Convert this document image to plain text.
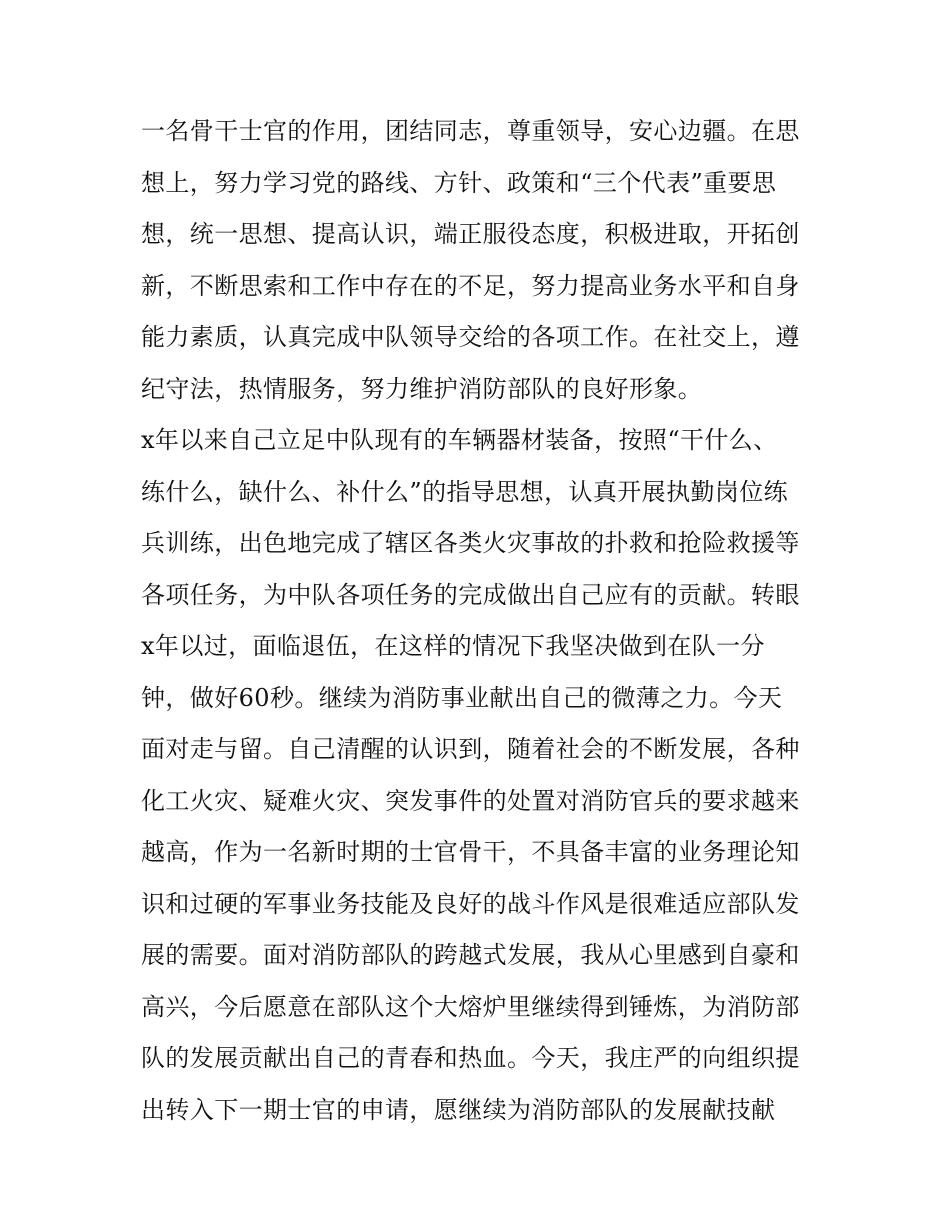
一名骨干士官的作用，团结同志，尊重领导，安心边疆。在思
想上，努力学习党的路线、方针、政策和“三个代表”重要思
想，统一思想、提高认识，端正服役态度，积极进取，开拓创
新，不断思索和工作中存在的不足，努力提高业务水平和自身
能力素质，认真完成中队领导交给的各项工作。在社交上，遵
纪守法，热情服务，努力维护消防部队的良好形象。
x年以来自己立足中队现有的车辆器材装备，按照“干什么、
练什么，缺什么、补什么”的指导思想，认真开展执勤岗位练
兵训练，出色地完成了辖区各类火灾事故的扑救和抢险救援等
各项任务，为中队各项任务的完成做出自己应有的贡献。转眼
x年以过，面临退伍，在这样的情况下我坚决做到在队一分
钟，做好60秒。继续为消防事业献出自己的微薄之力。今天
面对走与留。自己清醒的认识到，随着社会的不断发展，各种
化工火灾、疑难火灾、突发事件的处置对消防官兵的要求越来
越高，作为一名新时期的士官骨干，不具备丰富的业务理论知
识和过硬的军事业务技能及良好的战斗作风是很难适应部队发
展的需要。面对消防部队的跨越式发展，我从心里感到自豪和
高兴，今后愿意在部队这个大熔炉里继续得到锤炼，为消防部
队的发展贡献出自己的青春和热血。今天，我庄严的向组织提
出转入下一期士官的申请，愿继续为消防部队的发展献技献
